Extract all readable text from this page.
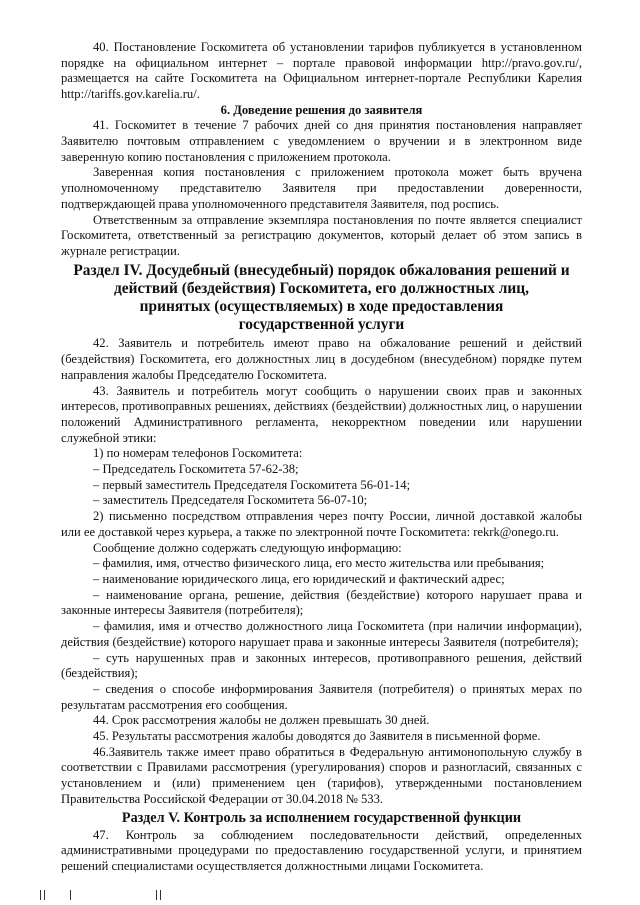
40. Постановление Госкомитета об установлении тарифов публикуется в установленном порядке на официальном интернет – портале правовой информации http://pravo.gov.ru/, размещается на сайте Госкомитета на Официальном интернет-портале Республики Карелия http://tariffs.gov.karelia.ru/.

6. Доведение решения до заявителя

41. Госкомитет в течение 7 рабочих дней со дня принятия постановления направляет Заявителю почтовым отправлением с уведомлением о вручении и в электронном виде заверенную копию постановления с приложением протокола.

Заверенная копия постановления с приложением протокола может быть вручена уполномоченному представителю Заявителя при предоставлении доверенности, подтверждающей права уполномоченного представителя Заявителя, под роспись.

Ответственным за отправление экземпляра постановления по почте является специалист Госкомитета, ответственный за регистрацию документов, который делает об этом запись в журнале регистрации.

Раздел IV. Досудебный (внесудебный) порядок обжалования решений и
действий (бездействия) Госкомитета, его должностных лиц,
принятых (осуществляемых) в ходе предоставления
государственной услуги

42. Заявитель и потребитель имеют право на обжалование решений и действий (бездействия) Госкомитета, его должностных лиц в досудебном (внесудебном) порядке путем направления жалобы Председателю Госкомитета.

43. Заявитель и потребитель могут сообщить о нарушении своих прав и законных интересов, противоправных решениях, действиях (бездействии) должностных лиц, о нарушении положений Административного регламента, некорректном поведении или нарушении служебной этики:

1) по номерам телефонов Госкомитета:

– Председатель Госкомитета 57-62-38;

– первый заместитель Председателя Госкомитета 56-01-14;

– заместитель Председателя Госкомитета 56-07-10;

2) письменно посредством отправления через почту России, личной доставкой жалобы или ее доставкой через курьера, а также по электронной почте Госкомитета: rekrk@onego.ru.

Сообщение должно содержать следующую информацию:

– фамилия, имя, отчество физического лица, его место жительства или пребывания;

– наименование юридического лица, его юридический и фактический адрес;

– наименование органа, решение, действия (бездействие) которого нарушает права и законные интересы Заявителя (потребителя);

– фамилия, имя и отчество должностного лица Госкомитета (при наличии информации), действия (бездействие) которого нарушает права и законные интересы Заявителя (потребителя);

– суть нарушенных прав и законных интересов, противоправного решения, действий (бездействия);

– сведения о способе информирования Заявителя (потребителя) о принятых мерах по результатам рассмотрения его сообщения.

44. Срок рассмотрения жалобы не должен превышать 30 дней.

45. Результаты рассмотрения жалобы доводятся до Заявителя в письменной форме.

46.Заявитель также имеет право обратиться в Федеральную антимонопольную службу в соответствии с Правилами рассмотрения (урегулирования) споров и разногласий, связанных с установлением и (или) применением цен (тарифов), утвержденными постановлением Правительства Российской Федерации от 30.04.2018 № 533.

Раздел V. Контроль за исполнением государственной функции

47. Контроль за соблюдением последовательности действий, определенных административными процедурами по предоставлению государственной услуги, и принятием решений специалистами осуществляется должностными лицами Госкомитета.
